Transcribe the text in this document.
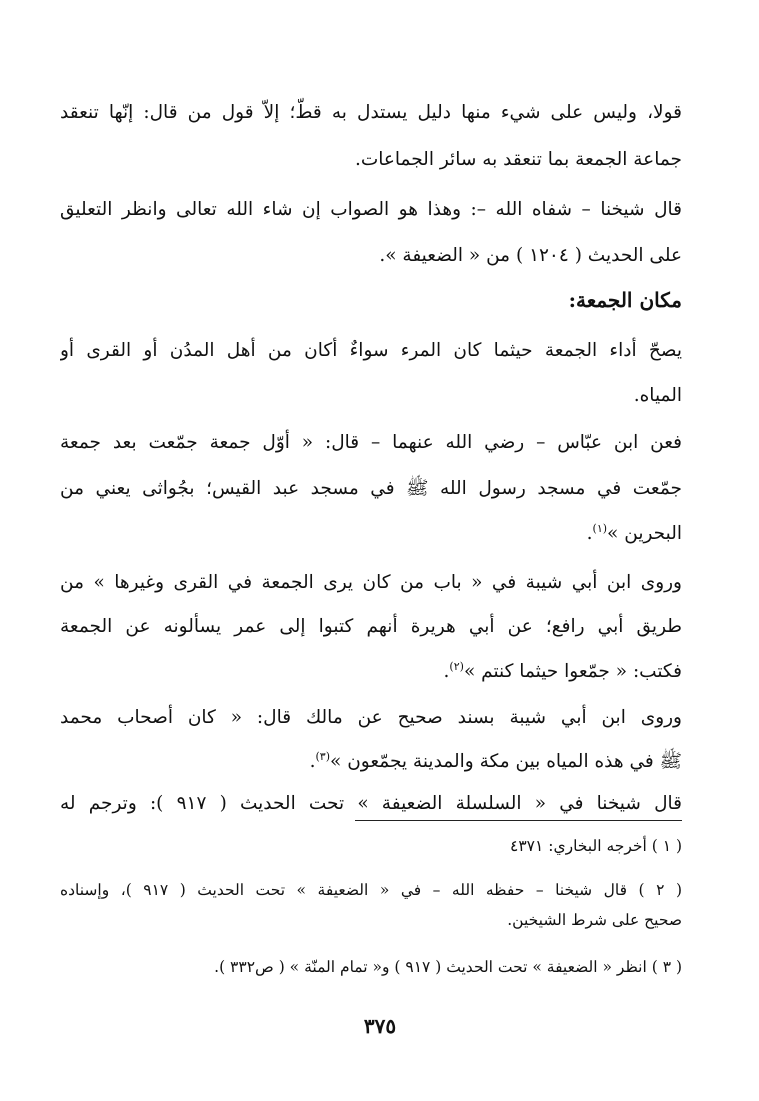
قولا، وليس على شيء منها دليل يستدل به قطّ؛ إلاّ قول من قال: إنّها تنعقد
جماعة الجمعة بما تنعقد به سائر الجماعات.
قال شيخنا – شفاه الله –: وهذا هو الصواب إن شاء الله تعالى وانظر التعليق
على الحديث ( ١٢٠٤ ) من « الضعيفة ».
يصحّ أداء الجمعة حيثما كان المرء سواءٌ أكان من أهل المدُن أو القرى أو
المياه.
فعن ابن عبّاس – رضي الله عنهما – قال: « أوّل جمعة جمّعت بعد جمعة
جمّعت في مسجد رسول الله ﷺ في مسجد عبد القيس؛ بجُواثى يعني من
البحرين »$^{(١)}$.
وروى ابن أبي شيبة في « باب من كان يرى الجمعة في القرى وغيرها » من
طريق أبي رافع؛ عن أبي هريرة أنهم كتبوا إلى عمر يسألونه عن الجمعة
فكتب: « جمّعوا حيثما كنتم »$^{(٢)}$.
وروى ابن أبي شيبة بسند صحيح عن مالك قال: « كان أصحاب محمد
ﷺ في هذه المياه بين مكة والمدينة يجمّعون »$^{(٣)}$.
قال شيخنا في « السلسلة الضعيفة » تحت الحديث ( ٩١٧ ): وترجم له
مكان الجمعة:
( ١ ) أخرجه البخاري: ٤٣٧١
( ٢ ) قال شيخنا – حفظه الله – في « الضعيفة » تحت الحديث ( ٩١٧ )، وإسناده
صحيح على شرط الشيخين.
( ٣ ) انظر « الضعيفة » تحت الحديث ( ٩١٧ ) و« تمام المنّة » ( ص٣٣٢ ).
٣٧٥
